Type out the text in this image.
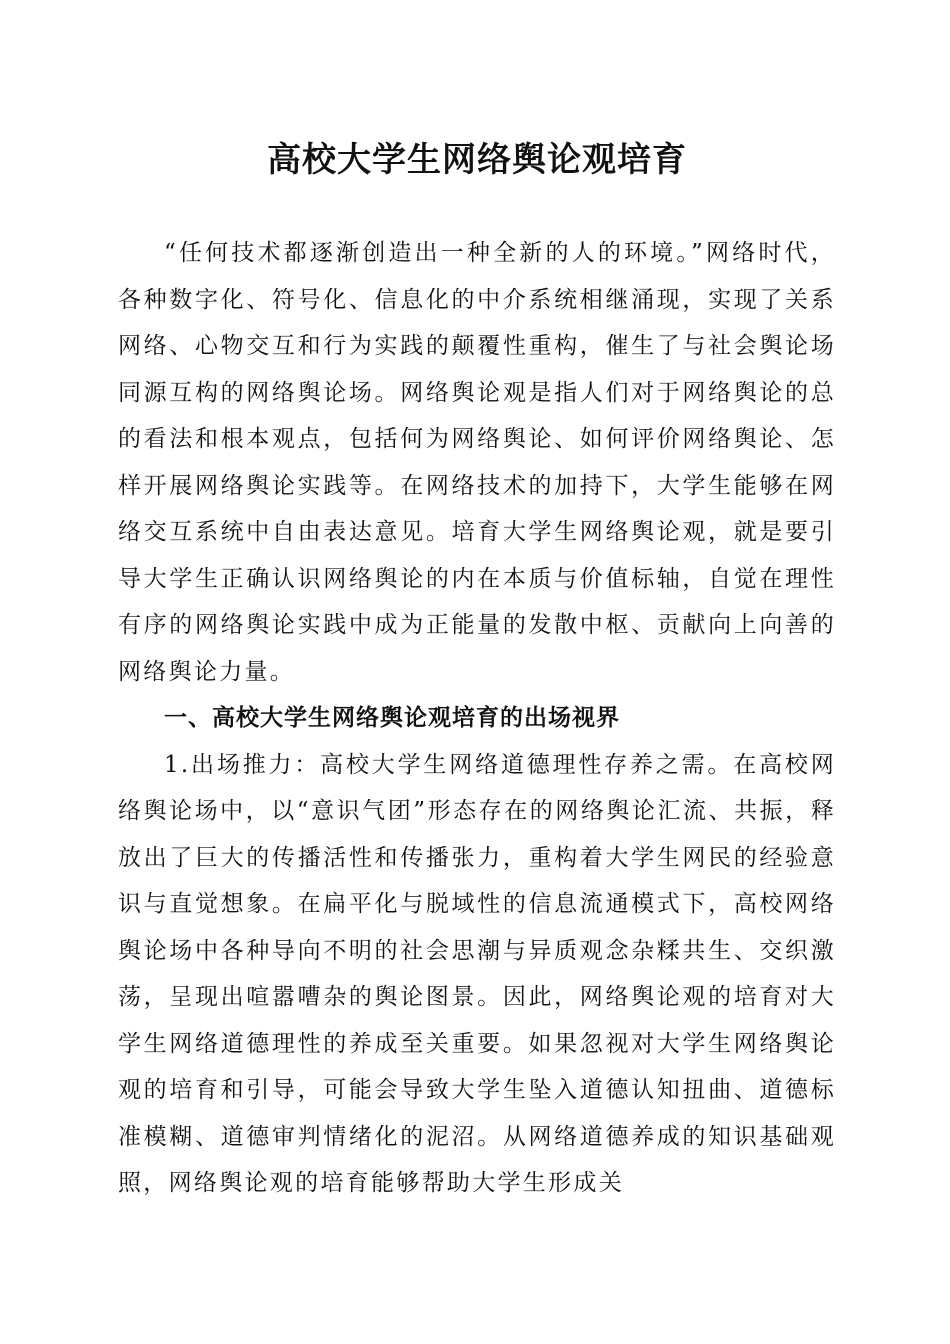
高校大学生网络舆论观培育

“任何技术都逐渐创造出一种全新的人的环境。”网络时代，各种数字化、符号化、信息化的中介系统相继涌现，实现了关系网络、心物交互和行为实践的颠覆性重构，催生了与社会舆论场同源互构的网络舆论场。网络舆论观是指人们对于网络舆论的总的看法和根本观点，包括何为网络舆论、如何评价网络舆论、怎样开展网络舆论实践等。在网络技术的加持下，大学生能够在网络交互系统中自由表达意见。培育大学生网络舆论观，就是要引导大学生正确认识网络舆论的内在本质与价值标轴，自觉在理性有序的网络舆论实践中成为正能量的发散中枢、贡献向上向善的网络舆论力量。

一、高校大学生网络舆论观培育的出场视界

1.出场推力：高校大学生网络道德理性存养之需。在高校网络舆论场中，以“意识气团”形态存在的网络舆论汇流、共振，释放出了巨大的传播活性和传播张力，重构着大学生网民的经验意识与直觉想象。在扁平化与脱域性的信息流通模式下，高校网络舆论场中各种导向不明的社会思潮与异质观念杂糅共生、交织激荡，呈现出喧嚣嘈杂的舆论图景。因此，网络舆论观的培育对大学生网络道德理性的养成至关重要。如果忽视对大学生网络舆论观的培育和引导，可能会导致大学生坠入道德认知扭曲、道德标准模糊、道德审判情绪化的泥沼。从网络道德养成的知识基础观照，网络舆论观的培育能够帮助大学生形成关
